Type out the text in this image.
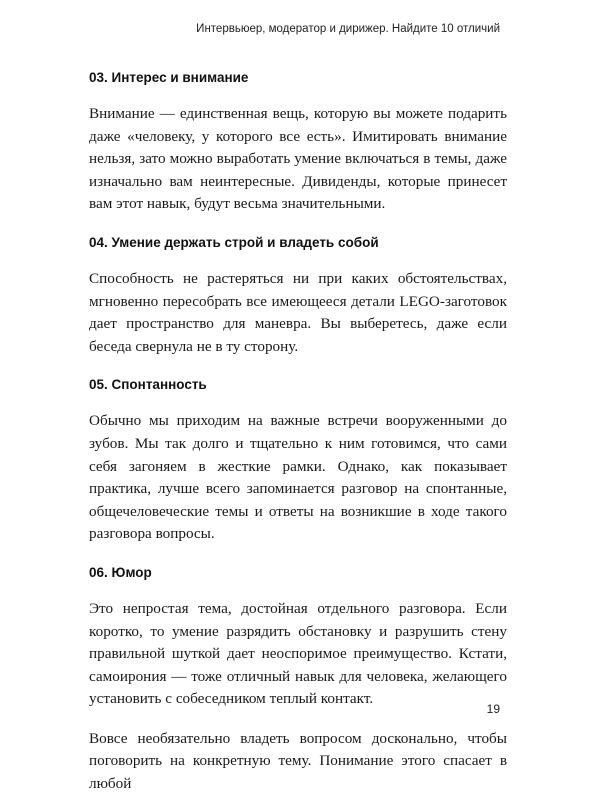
Интервьюер, модератор и дирижер. Найдите 10 отличий
03. Интерес и внимание

Внимание — единственная вещь, которую вы можете подарить даже «человеку, у которого все есть». Имитировать внимание нельзя, зато можно выработать умение включаться в темы, даже изначально вам неинтересные. Дивиденды, которые принесет вам этот навык, будут весьма значительными.

04. Умение держать строй и владеть собой

Способность не растеряться ни при каких обстоятельствах, мгновенно пересобрать все имеющееся детали LEGO-заготовок дает пространство для маневра. Вы выберетесь, даже если беседа свернула не в ту сторону.

05. Спонтанность

Обычно мы приходим на важные встречи вооруженными до зубов. Мы так долго и тщательно к ним готовимся, что сами себя загоняем в жесткие рамки. Однако, как показывает практика, лучше всего запоминается разговор на спонтанные, общечеловеческие темы и ответы на возникшие в ходе такого разговора вопросы.

06. Юмор

Это непростая тема, достойная отдельного разговора. Если коротко, то умение разрядить обстановку и разрушить стену правильной шуткой дает неоспоримое преимущество. Кстати, самоирония — тоже отличный навык для человека, желающего установить с собеседником теплый контакт.

Вовсе необязательно владеть вопросом досконально, чтобы поговорить на конкретную тему. Понимание этого спасает в любой

19
